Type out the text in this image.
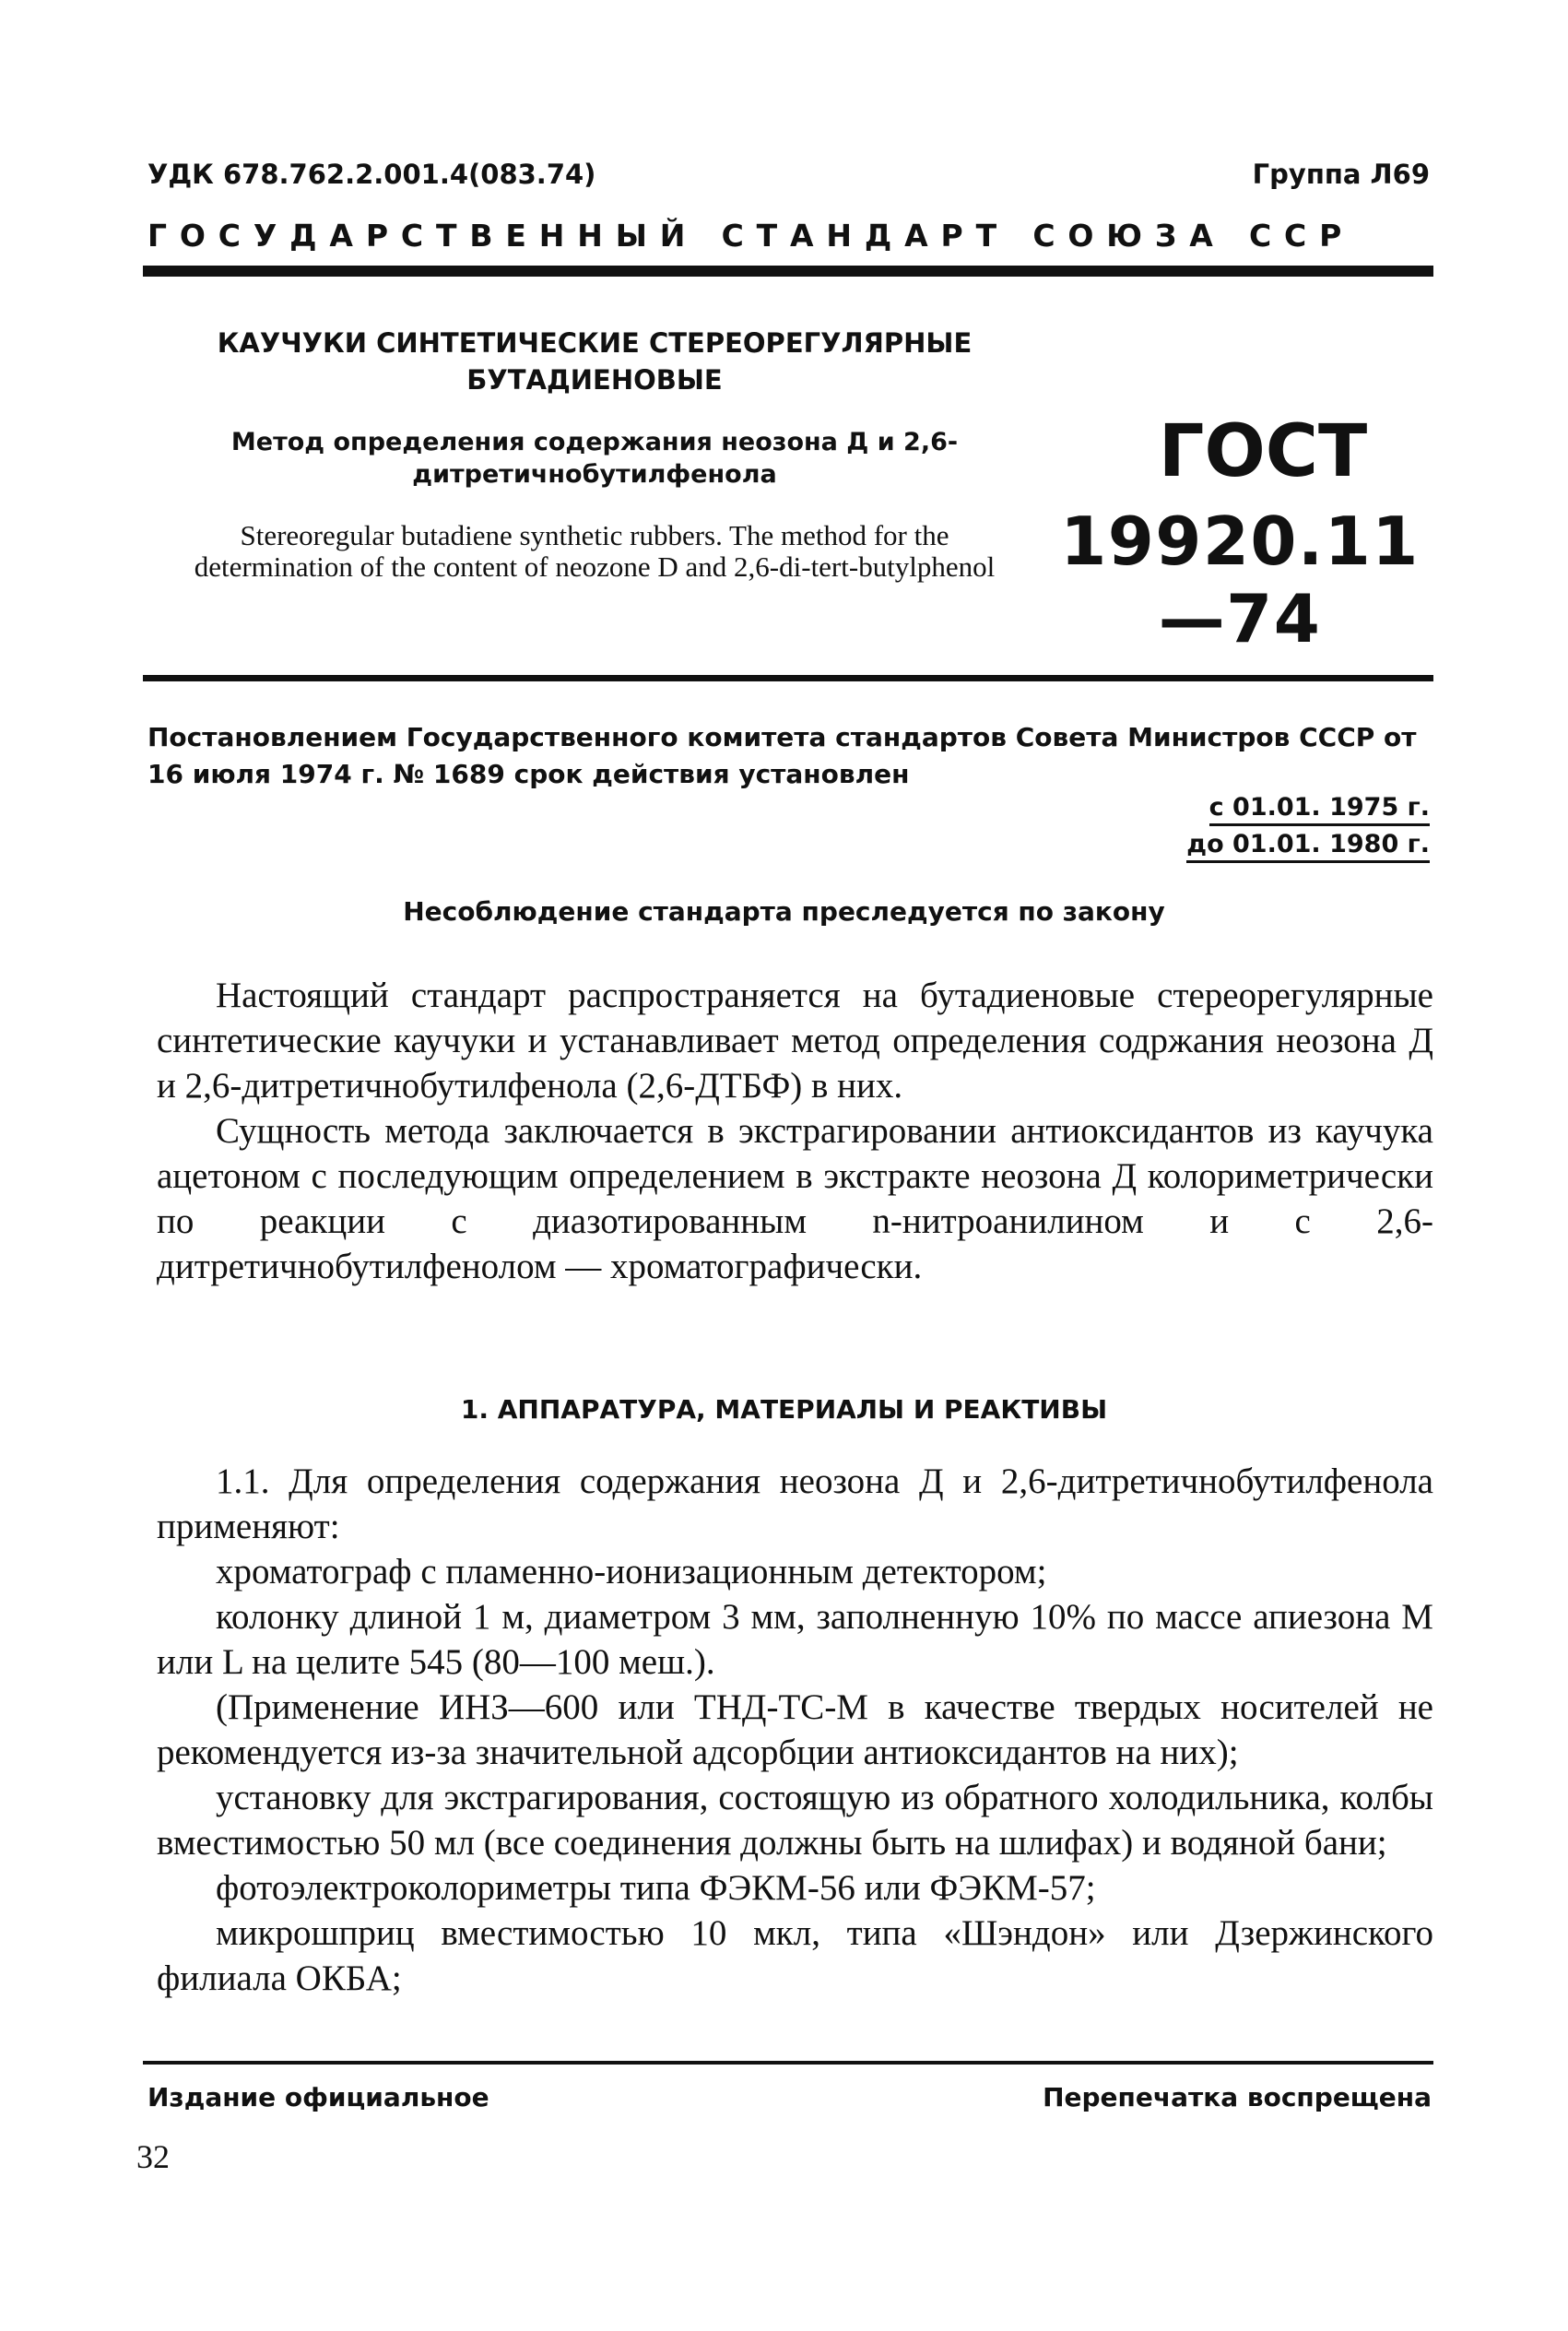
УДК 678.762.2.001.4(083.74)	Группа Л69
ГОСУДАРСТВЕННЫЙ СТАНДАРТ СОЮЗА ССР

КАУЧУКИ СИНТЕТИЧЕСКИЕ СТЕРЕОРЕГУЛЯРНЫЕ БУТАДИЕНОВЫЕ

Метод определения содержания неозона Д и 2,6-дитретичнобутилфенола

Stereoregular butadiene synthetic rubbers. The method for the determination of the content of neozone D and 2,6-di-tert-butylphenol

ГОСТ
19920.11—74
Постановлением Государственного комитета стандартов Совета Министров СССР от 16 июля 1974 г. № 1689 срок действия установлен
с 01.01. 1975 г.
до 01.01. 1980 г.
Несоблюдение стандарта преследуется по закону

Настоящий стандарт распространяется на бутадиеновые стереорегулярные синтетические каучуки и устанавливает метод определения содржания неозона Д и 2,6-дитретичнобутилфенола (2,6-ДТБФ) в них.

Сущность метода заключается в экстрагировании антиоксидантов из каучука ацетоном с последующим определением в экстракте неозона Д колориметрически по реакции с диазотированным n-нитроанилином и с 2,6-дитретичнобутилфенолом — хроматографически.

1. АППАРАТУРА, МАТЕРИАЛЫ И РЕАКТИВЫ

1.1. Для определения содержания неозона Д и 2,6-дитретичнобутилфенола применяют:

хроматограф с пламенно-ионизационным детектором;

колонку длиной 1 м, диаметром 3 мм, заполненную 10% по массе апиезона М или L на целите 545 (80—100 меш.).

(Применение ИНЗ—600 или ТНД-ТС-М в качестве твердых носителей не рекомендуется из-за значительной адсорбции антиоксидантов на них);

установку для экстрагирования, состоящую из обратного холодильника, колбы вместимостью 50 мл (все соединения должны быть на шлифах) и водяной бани;

фотоэлектроколориметры типа ФЭКМ-56 или ФЭКМ-57;

микрошприц вместимостью 10 мкл, типа «Шэндон» или Дзержинского филиала ОКБА;

Издание официальное	Перепечатка воспрещена
32
